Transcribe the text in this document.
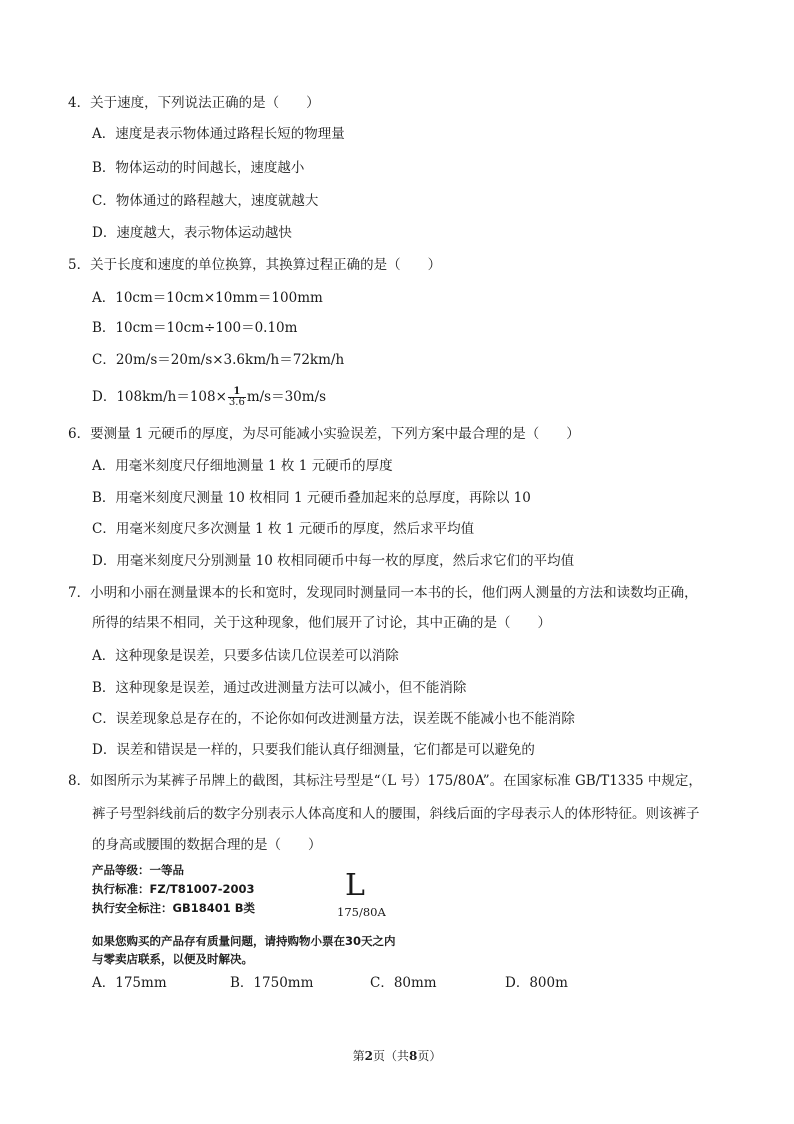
4．关于速度，下列说法正确的是（　　）
A．速度是表示物体通过路程长短的物理量
B．物体运动的时间越长，速度越小
C．物体通过的路程越大，速度就越大
D．速度越大，表示物体运动越快
5．关于长度和速度的单位换算，其换算过程正确的是（　　）
A．10cm＝10cm×10mm＝100mm
B．10cm＝10cm÷100＝0.10m
C．20m/s＝20m/s×3.6km/h＝72km/h
D．$108km/h=108\times \frac{1}{3.6} m/s=30m/s$
6．要测量 1 元硬币的厚度，为尽可能减小实验误差，下列方案中最合理的是（　　）
A．用毫米刻度尺仔细地测量 1 枚 1 元硬币的厚度
B．用毫米刻度尺测量 10 枚相同 1 元硬币叠加起来的总厚度，再除以 10
C．用毫米刻度尺多次测量 1 枚 1 元硬币的厚度，然后求平均值
D．用毫米刻度尺分别测量 10 枚相同硬币中每一枚的厚度，然后求它们的平均值
7．小明和小丽在测量课本的长和宽时，发现同时测量同一本书的长，他们两人测量的方法和读数均正确，
所得的结果不相同，关于这种现象，他们展开了讨论，其中正确的是（　　）
A．这种现象是误差，只要多估读几位误差可以消除
B．这种现象是误差，通过改进测量方法可以减小，但不能消除
C．误差现象总是存在的，不论你如何改进测量方法，误差既不能减小也不能消除
D．误差和错误是一样的，只要我们能认真仔细测量，它们都是可以避免的
8．如图所示为某裤子吊牌上的截图，其标注号型是“（L 号）175/80A”。在国家标准 GB/T1335 中规定，
裤子号型斜线前后的数字分别表示人体高度和人的腰围，斜线后面的字母表示人的体形特征。则该裤子
的身高或腰围的数据合理的是（　　）
产品等级：一等品
执行标准：FZ/T81007-2003
执行安全标注：GB18401 B类
L
175/80A
如果您购买的产品存有质量问题，请持购物小票在30天之内
与零卖店联系，以便及时解决。
A．175mm	B．1750mm	C．80mm	D．800m
第2页（共8页）
